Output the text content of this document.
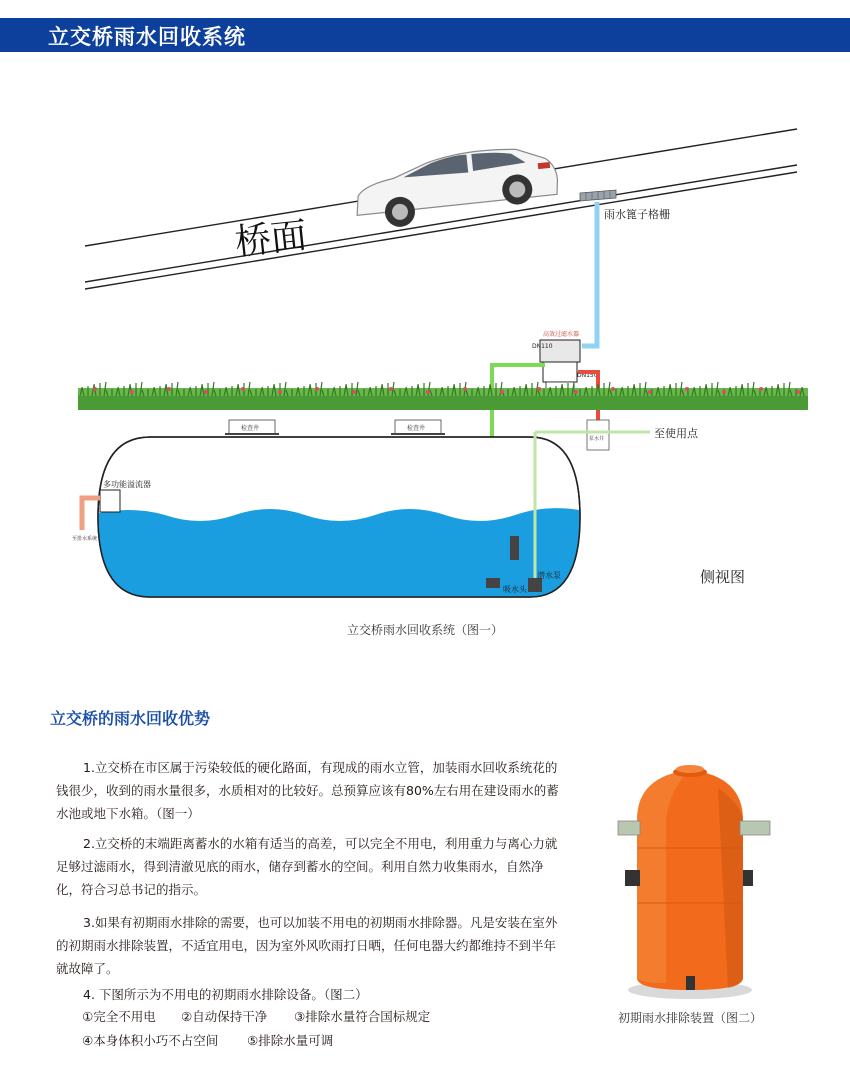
立交桥雨水回收系统
桥面
雨水篦子格栅
高效过滤水器
DN110
DN150
泵水井
检查井	检查井
多功能溢流器
至排水系统
至使用点
吸水头
潜水泵	侧视图
立交桥雨水回收系统（图一）
立交桥的雨水回收优势
1.立交桥在市区属于污染较低的硬化路面，有现成的雨水立管，加装雨水回收系统花的
钱很少，收到的雨水量很多，水质相对的比较好。总预算应该有80%左右用在建设雨水的蓄
水池或地下水箱。（图一）
2.立交桥的末端距离蓄水的水箱有适当的高差，可以完全不用电，利用重力与离心力就
足够过滤雨水，得到清澈见底的雨水，储存到蓄水的空间。利用自然力收集雨水，自然净
化，符合习总书记的指示。
3.如果有初期雨水排除的需要，也可以加装不用电的初期雨水排除器。凡是安装在室外
的初期雨水排除装置，不适宜用电，因为室外风吹雨打日晒，任何电器大约都维持不到半年
就故障了。
4. 下图所示为不用电的初期雨水排除设备。（图二）
①完全不用电 ②自动保持干净 ③排除水量符合国标规定
④本身体积小巧不占空间 ⑤排除水量可调
初期雨水排除装置（图二）
